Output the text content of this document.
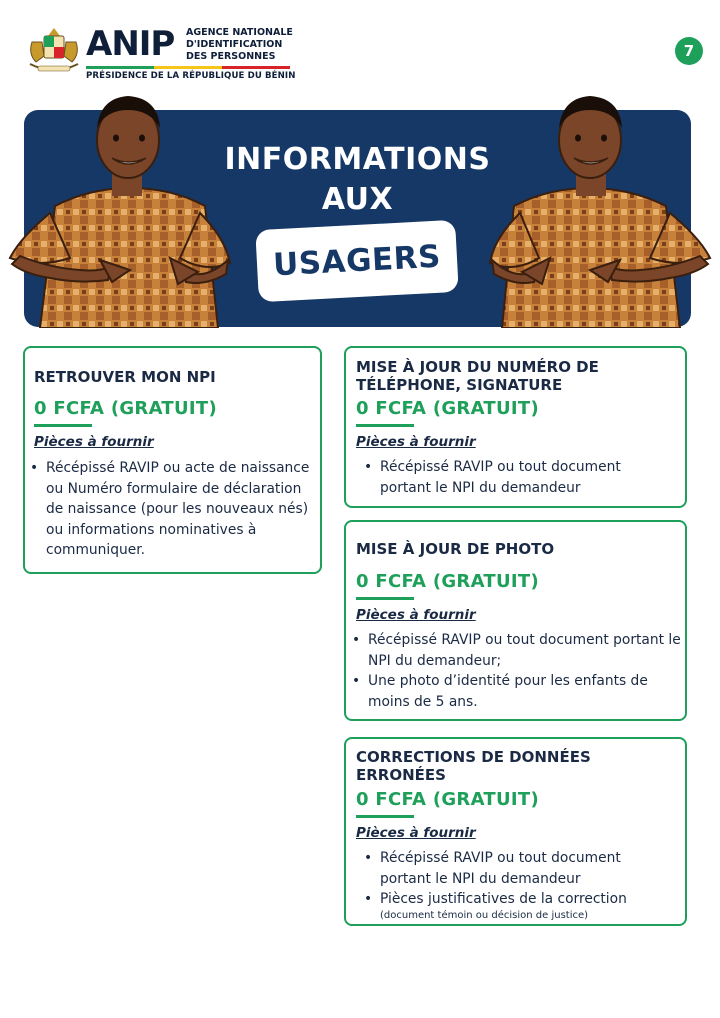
ANIP AGENCE NATIONALE
D'IDENTIFICATION
DES PERSONNES
PRÉSIDENCE DE LA RÉPUBLIQUE DU BÉNIN
7
INFORMATIONS
AUX
USAGERS
RETROUVER MON NPI
0 FCFA (GRATUIT)
Pièces à fournir
• Récépissé RAVIP ou acte de naissance ou Numéro formulaire de déclaration de naissance (pour les nouveaux nés) ou informations nominatives à communiquer.
MISE À JOUR DU NUMÉRO DE TÉLÉPHONE, SIGNATURE
0 FCFA (GRATUIT)
Pièces à fournir
• Récépissé RAVIP ou tout document portant le NPI du demandeur
MISE À JOUR DE PHOTO
0 FCFA (GRATUIT)
Pièces à fournir
• Récépissé RAVIP ou tout document portant le NPI du demandeur;
• Une photo d’identité pour les enfants de moins de 5 ans.
CORRECTIONS DE DONNÉES ERRONÉES
0 FCFA (GRATUIT)
Pièces à fournir
• Récépissé RAVIP ou tout document portant le NPI du demandeur
• Pièces justificatives de la correction
(document témoin ou décision de justice)
